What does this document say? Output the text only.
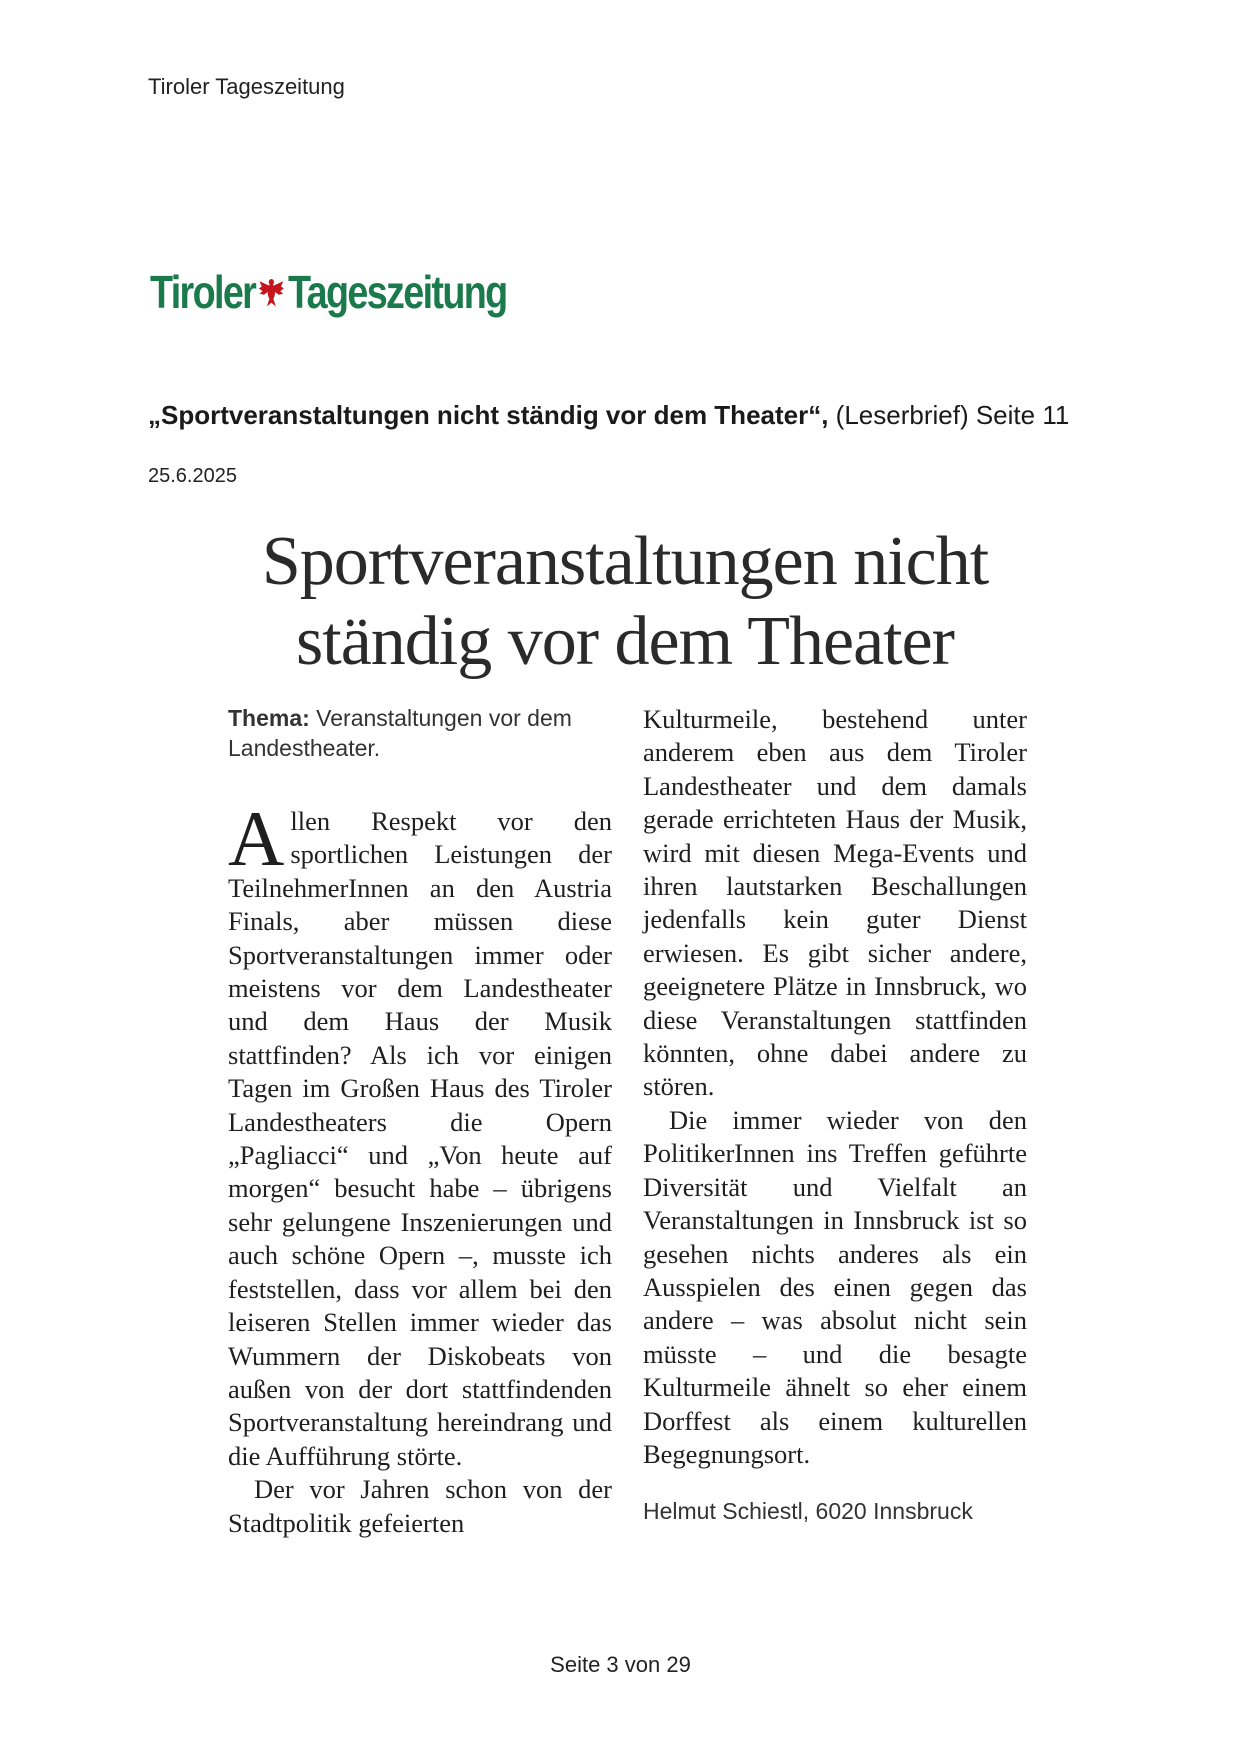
Tiroler Tageszeitung
Tiroler Tageszeitung
„Sportveranstaltungen nicht ständig vor dem Theater“, (Leserbrief) Seite 11
25.6.2025
Sportveranstaltungen nicht
ständig vor dem Theater
Thema: Veranstaltungen vor dem Landestheater.

Allen Respekt vor den sportlichen Leistungen der TeilnehmerInnen an den Austria Finals, aber müssen diese Sportveranstaltungen immer oder meistens vor dem Landestheater und dem Haus der Musik stattfinden? Als ich vor einigen Tagen im Großen Haus des Tiroler Landestheaters die Opern „Pagliacci“ und „Von heute auf morgen“ besucht habe – übrigens sehr gelungene Inszenierungen und auch schöne Opern –, musste ich feststellen, dass vor allem bei den leiseren Stellen immer wieder das Wummern der Diskobeats von außen von der dort stattfindenden Sportveranstaltung hereindrang und die Aufführung störte.

Der vor Jahren schon von der Stadtpolitik gefeierten

Kulturmeile, bestehend unter anderem eben aus dem Tiroler Landestheater und dem damals gerade errichteten Haus der Musik, wird mit diesen Mega-Events und ihren lautstarken Beschallungen jedenfalls kein guter Dienst erwiesen. Es gibt sicher andere, geeignetere Plätze in Innsbruck, wo diese Veranstaltungen stattfinden könnten, ohne dabei andere zu stören.

Die immer wieder von den PolitikerInnen ins Treffen geführte Diversität und Vielfalt an Veranstaltungen in Innsbruck ist so gesehen nichts anderes als ein Ausspielen des einen gegen das andere – was absolut nicht sein müsste – und die besagte Kulturmeile ähnelt so eher einem Dorffest als einem kulturellen Begegnungsort.

Helmut Schiestl, 6020 Innsbruck
Seite 3 von 29
